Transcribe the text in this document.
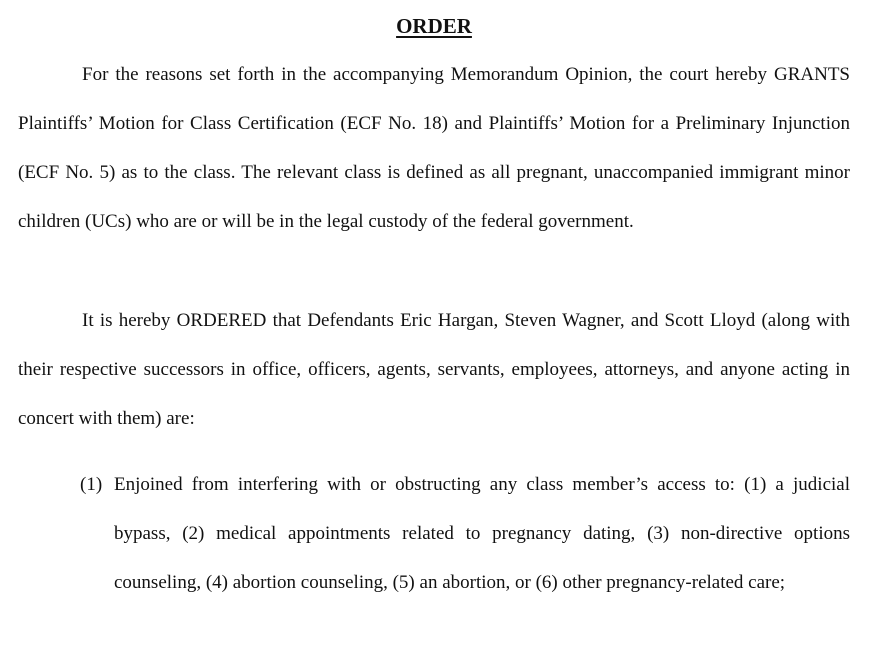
ORDER

For the reasons set forth in the accompanying Memorandum Opinion, the court hereby GRANTS Plaintiffs’ Motion for Class Certification (ECF No. 18) and Plaintiffs’ Motion for a Preliminary Injunction (ECF No. 5) as to the class. The relevant class is defined as all pregnant, unaccompanied immigrant minor children (UCs) who are or will be in the legal custody of the federal government.

It is hereby ORDERED that Defendants Eric Hargan, Steven Wagner, and Scott Lloyd (along with their respective successors in office, officers, agents, servants, employees, attorneys, and anyone acting in concert with them) are:

(1) Enjoined from interfering with or obstructing any class member’s access to: (1) a judicial bypass, (2) medical appointments related to pregnancy dating, (3) non-directive options counseling, (4) abortion counseling, (5) an abortion, or (6) other pregnancy-related care;
